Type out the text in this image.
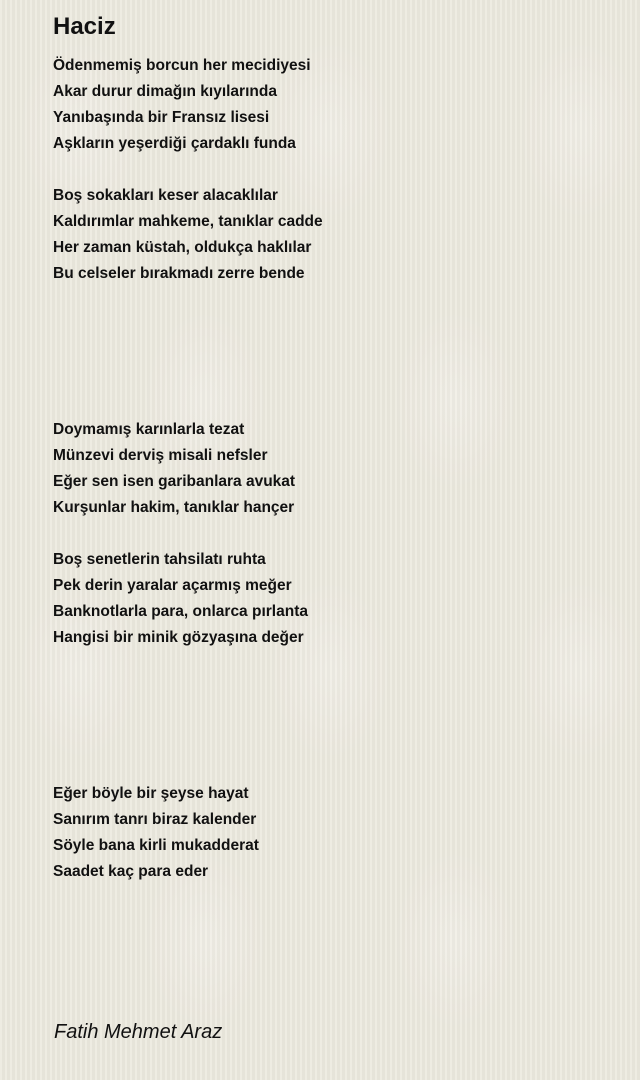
Haciz
Ödenmemiş borcun her mecidiyesi
Akar durur dimağın kıyılarında
Yanıbaşında bir Fransız lisesi
Aşkların yeşerdiği çardaklı funda
Boş sokakları keser alacaklılar
Kaldırımlar mahkeme, tanıklar cadde
Her zaman küstah, oldukça haklılar
Bu celseler bırakmadı zerre bende
Doymamış karınlarla tezat
Münzevi derviş misali nefsler
Eğer sen isen garibanlara avukat
Kurşunlar hakim, tanıklar hançer
Boş senetlerin tahsilatı ruhta
Pek derin yaralar açarmış meğer
Banknotlarla para, onlarca pırlanta
Hangisi bir minik gözyaşına değer
Eğer böyle bir şeyse hayat
Sanırım tanrı biraz kalender
Söyle bana kirli mukadderat
Saadet kaç para eder
Fatih Mehmet Araz
